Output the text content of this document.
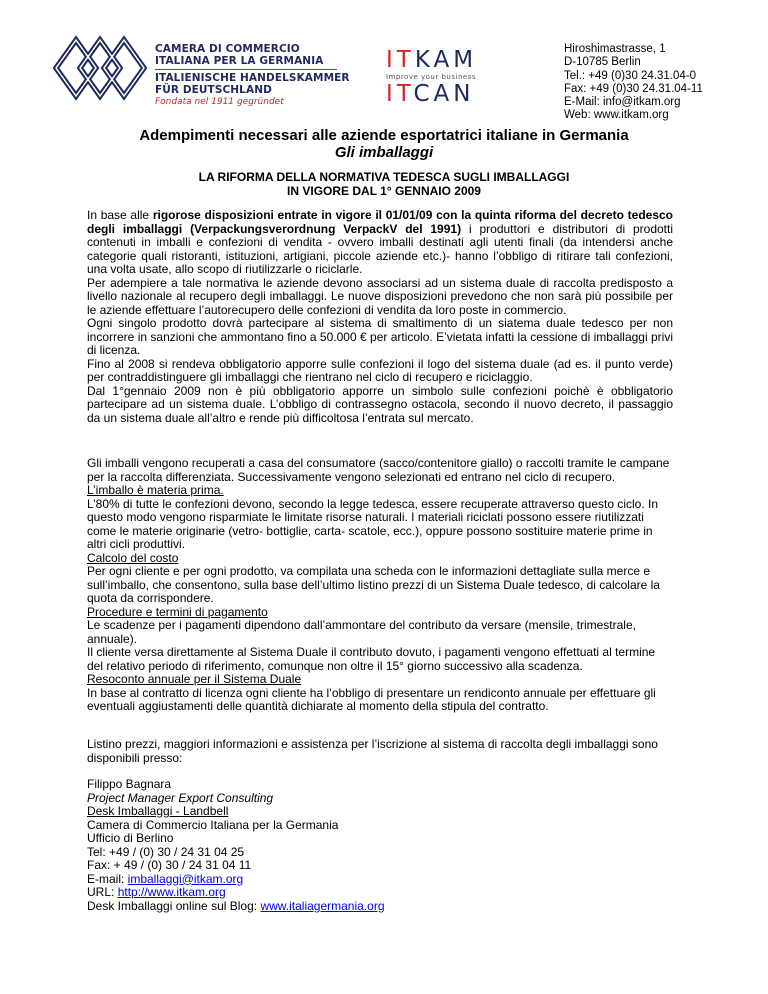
CAMERA DI COMMERCIO
ITALIANA PER LA GERMANIA
ITALIENISCHE HANDELSKAMMER
FÜR DEUTSCHLAND
Fondata nel 1911 gegründet
ITKAM
Improve your business
ITCAN
Hiroshimastrasse, 1
D-10785 Berlin
Tel.: +49 (0)30 24.31.04-0
Fax: +49 (0)30 24.31.04-11
E-Mail: info@itkam.org
Web: www.itkam.org
Adempimenti necessari alle aziende esportatrici italiane in Germania
Gli imballaggi
LA RIFORMA DELLA NORMATIVA TEDESCA SUGLI IMBALLAGGI
IN VIGORE DAL 1° GENNAIO 2009

In base alle rigorose disposizioni entrate in vigore il 01/01/09 con la quinta riforma del decreto tedesco degli imballaggi (Verpackungsverordnung VerpackV del 1991) i produttori e distributori di prodotti contenuti in imballi e confezioni di vendita - ovvero imballi destinati agli utenti finali (da intendersi anche categorie quali ristoranti, istituzioni, artigiani, piccole aziende etc.)- hanno l’obbligo di ritirare tali confezioni, una volta usate, allo scopo di riutilizzarle o riciclarle.

Per adempiere a tale normativa le aziende devono associarsi ad un sistema duale di raccolta predisposto a livello nazionale al recupero degli imballaggi. Le nuove disposizioni prevedono che non sarà più possibile per le aziende effettuare l’autorecupero delle confezioni di vendita da loro poste in commercio.

Ogni singolo prodotto dovrà partecipare al sistema di smaltimento di un siatema duale tedesco per non incorrere in sanzioni che ammontano fino a 50.000 € per articolo. E’vietata infatti la cessione di imballaggi privi di licenza.

Fino al 2008 si rendeva obbligatorio apporre sulle confezioni il logo del sistema duale (ad es. il punto verde) per contraddistinguere gli imballaggi che rientrano nel ciclo di recupero e riciclaggio.

Dal 1°gennaio 2009 non è più obbligatorio apporre un simbolo sulle confezioni poichè è obbligatorio partecipare ad un sistema duale. L’obbligo di contrassegno ostacola, secondo il nuovo decreto, il passaggio da un sistema duale all’altro e rende più difficoltosa l’entrata sul mercato.

Gli imballi vengono recuperati a casa del consumatore (sacco/contenitore giallo) o raccolti tramite le campane per la raccolta differenziata. Successivamente vengono selezionati ed entrano nel ciclo di recupero.
L’imballo è materia prima.
L’80% di tutte le confezioni devono, secondo la legge tedesca, essere recuperate attraverso questo ciclo. In questo modo vengono risparmiate le limitate risorse naturali. I materiali riciclati possono essere riutilizzati come le materie originarie (vetro- bottiglie, carta- scatole, ecc.), oppure possono sostituire materie prime in altri cicli produttivi.
Calcolo del costo
Per ogni cliente e per ogni prodotto, va compilata una scheda con le informazioni dettagliate sulla merce e sull’imballo, che consentono, sulla base dell’ultimo listino prezzi di un Sistema Duale tedesco, di calcolare la quota da corrispondere.
Procedure e termini di pagamento
Le scadenze per i pagamenti dipendono dall’ammontare del contributo da versare (mensile, trimestrale, annuale).
Il cliente versa direttamente al Sistema Duale il contributo dovuto, i pagamenti vengono effettuati al termine del relativo periodo di riferimento, comunque non oltre il 15° giorno successivo alla scadenza.
Resoconto annuale per il Sistema Duale
In base al contratto di licenza ogni cliente ha l’obbligo di presentare un rendiconto annuale per effettuare gli eventuali aggiustamenti delle quantità dichiarate al momento della stipula del contratto.
Listino prezzi, maggiori informazioni e assistenza per l’iscrizione al sistema di raccolta degli imballaggi sono disponibili presso:
Filippo Bagnara
Project Manager Export Consulting
Desk Imballaggi - Landbell
Camera di Commercio Italiana per la Germania
Ufficio di Berlino
Tel: +49 / (0) 30 / 24 31 04 25
Fax: + 49 / (0) 30 / 24 31 04 11
E-mail: imballaggi@itkam.org
URL: http://www.itkam.org
Desk Imballaggi online sul Blog: www.italiagermania.org
